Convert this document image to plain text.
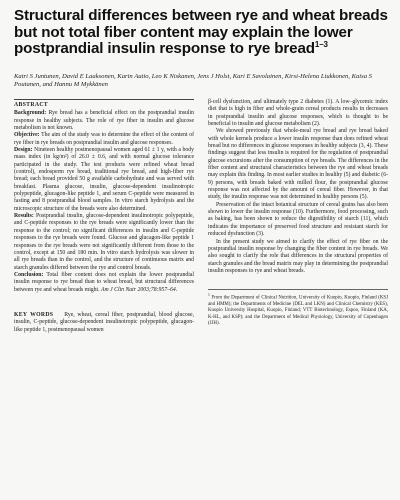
Structural differences between rye and wheat breads but not total fiber content may explain the lower postprandial insulin response to rye bread$^{1-3}$
Katri S Juntunen, David E Laaksonen, Karin Autio, Leo K Niskanen, Jens J Holst, Kari E Savolainen, Kirsi-Helena Liukkonen, Kaisa S Poutanen, and Hannu M Mykkänen
ABSTRACT
Background: Rye bread has a beneficial effect on the postprandial insulin response in healthy subjects. The role of rye fiber in insulin and glucose metabolism is not known.
Objective: The aim of the study was to determine the effect of the content of rye fiber in rye breads on postprandial insulin and glucose responses.
Design: Nineteen healthy postmenopausal women aged 61 ± 1 y, with a body mass index (in kg/m²) of 26.0 ± 0.6, and with normal glucose tolerance participated in the study. The test products were refined wheat bread (control), endosperm rye bread, traditional rye bread, and high-fiber rye bread; each bread provided 50 g available carbohydrate and was served with breakfast. Plasma glucose, insulin, glucose-dependent insulinotropic polypeptide, glucagon-like peptide 1, and serum C-peptide were measured in fasting and 8 postprandial blood samples. In vitro starch hydrolysis and the microscopic structure of the breads were also determined.
Results: Postprandial insulin, glucose-dependent insulinotropic polypeptide, and C-peptide responses to the rye breads were significantly lower than the response to the control; no significant differences in insulin and C-peptide responses to the rye breads were found. Glucose and glucagon-like peptide 1 responses to the rye breads were not significantly different from those to the control, except at 150 and 180 min. In vitro starch hydrolysis was slower in all rye breads than in the control, and the structure of continuous matrix and starch granules differed between the rye and control breads.
Conclusion: Total fiber content does not explain the lower postprandial insulin response to rye bread than to wheat bread, but structural differences between rye and wheat breads might. Am J Clin Nutr 2003;78:957–64.
KEY WORDS Rye, wheat, cereal fiber, postprandial, blood glucose, insulin, C-peptide, glucose-dependent insulinotropic polypeptide, glucagon-like peptide 1, postmenopausal women

β-cell dysfunction, and ultimately type 2 diabetes (1). A low–glycemic index diet that is high in fiber and whole-grain cereal products results in decreases in postprandial insulin and glucose responses, which is thought to be beneficial to insulin and glucose metabolism (2).

We showed previously that whole-meal rye bread and rye bread baked with whole kernels produce a lower insulin response than does refined wheat bread but no differences in glucose responses in healthy subjects (3, 4). These findings suggest that less insulin is required for the regulation of postprandial glucose excursions after the consumption of rye breads. The differences in the fiber content and structural characteristics between the rye and wheat breads may explain this finding. In most earlier studies in healthy (5) and diabetic (6-9) persons, with breads baked with milled flour, the postprandial glucose response was not affected by the amount of cereal fiber. However, in that study, the insulin response was not determined in healthy persons (5).

Preservation of the intact botanical structure of cereal grains has also been shown to lower the insulin response (10). Furthermore, food processing, such as baking, has been shown to reduce the digestibility of starch (11), which indicates the importance of preserved food structure and resistant starch for reduced dysfunction (3).

In the present study we aimed to clarify the effect of rye fiber on the postprandial insulin response by changing the fiber content in rye breads. We also sought to clarify the role that differences in the structural properties of starch granules and the bread matrix may play in determining the postprandial insulin responses to rye and wheat breads.

$^1$ From the Department of Clinical Nutrition, University of Kuopio, Kuopio, Finland (KSJ and HMM); the Departments of Medicine (DEL and LKN) and Clinical Chemistry (KES), Kuopio University Hospital, Kuopio, Finland; VTT Biotechnology, Espoo, Finland (KA, K-HL, and KSP); and the Department of Medical Physiology, University of Copenhagen (JJH).
